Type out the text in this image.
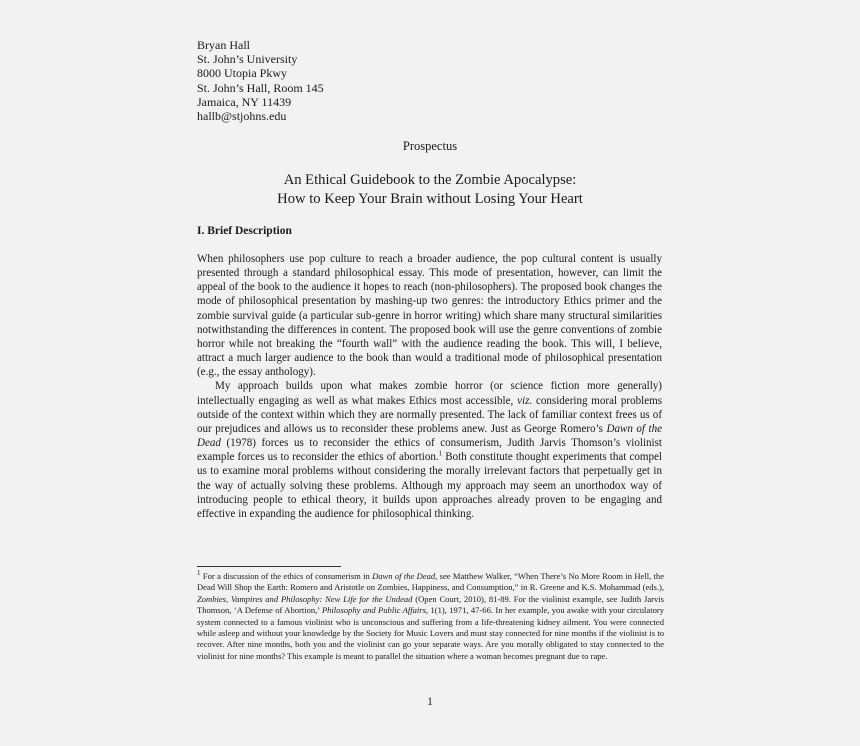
Bryan Hall
St. John’s University
8000 Utopia Pkwy
St. John’s Hall, Room 145
Jamaica, NY 11439
hallb@stjohns.edu
Prospectus
An Ethical Guidebook to the Zombie Apocalypse:
How to Keep Your Brain without Losing Your Heart
I. Brief Description

When philosophers use pop culture to reach a broader audience, the pop cultural content is usually presented through a standard philosophical essay. This mode of presentation, however, can limit the appeal of the book to the audience it hopes to reach (non-philosophers). The proposed book changes the mode of philosophical presentation by mashing-up two genres: the introductory Ethics primer and the zombie survival guide (a particular sub-genre in horror writing) which share many structural similarities notwithstanding the differences in content. The proposed book will use the genre conventions of zombie horror while not breaking the “fourth wall” with the audience reading the book. This will, I believe, attract a much larger audience to the book than would a traditional mode of philosophical presentation (e.g., the essay anthology).

My approach builds upon what makes zombie horror (or science fiction more generally) intellectually engaging as well as what makes Ethics most accessible, viz. considering moral problems outside of the context within which they are normally presented. The lack of familiar context frees us of our prejudices and allows us to reconsider these problems anew. Just as George Romero’s Dawn of the Dead (1978) forces us to reconsider the ethics of consumerism, Judith Jarvis Thomson’s violinist example forces us to reconsider the ethics of abortion.$^1$ Both constitute thought experiments that compel us to examine moral problems without considering the morally irrelevant factors that perpetually get in the way of actually solving these problems. Although my approach may seem an unorthodox way of introducing people to ethical theory, it builds upon approaches already proven to be engaging and effective in expanding the audience for philosophical thinking.

$^1$ For a discussion of the ethics of consumerism in Dawn of the Dead, see Matthew Walker, “When There’s No More Room in Hell, the Dead Will Shop the Earth: Romero and Aristotle on Zombies, Happiness, and Consumption,” in R. Greene and K.S. Mohammad (eds.), Zombies, Vampires and Philosophy: New Life for the Undead (Open Court, 2010), 81-89. For the violinist example, see Judith Jarvis Thomson, ‘A Defense of Abortion,’ Philosophy and Public Affairs, 1(1), 1971, 47-66. In her example, you awake with your circulatory system connected to a famous violinist who is unconscious and suffering from a life-threatening kidney ailment. You were connected while asleep and without your knowledge by the Society for Music Lovers and must stay connected for nine months if the violinist is to recover. After nine months, both you and the violinist can go your separate ways. Are you morally obligated to stay connected to the violinist for nine months? This example is meant to parallel the situation where a woman becomes pregnant due to rape.

1
